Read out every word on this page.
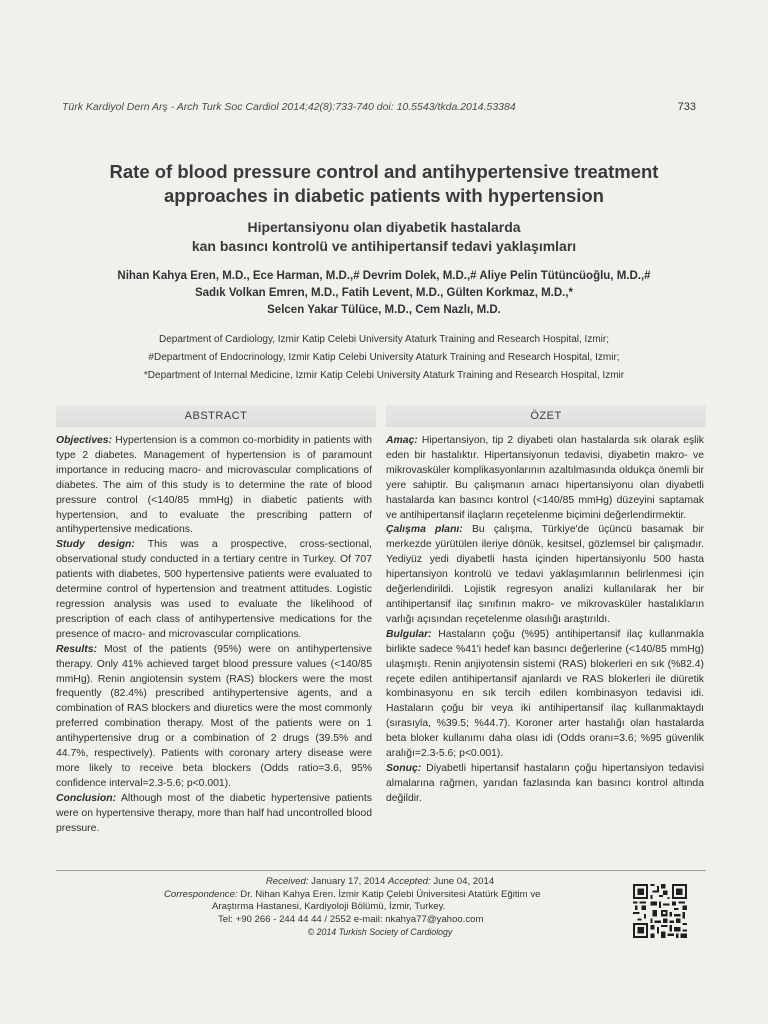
Türk Kardiyol Dern Arş - Arch Turk Soc Cardiol 2014;42(8):733-740 doi: 10.5543/tkda.2014.53384	733
Rate of blood pressure control and antihypertensive treatment
approaches in diabetic patients with hypertension
Hipertansiyonu olan diyabetik hastalarda
kan basıncı kontrolü ve antihipertansif tedavi yaklaşımları
Nihan Kahya Eren, M.D., Ece Harman, M.D.,# Devrim Dolek, M.D.,# Aliye Pelin Tütüncüoğlu, M.D.,#
Sadık Volkan Emren, M.D., Fatih Levent, M.D., Gülten Korkmaz, M.D.,*
Selcen Yakar Tülüce, M.D., Cem Nazlı, M.D.
Department of Cardiology, Izmir Katip Celebi University Ataturk Training and Research Hospital, Izmir;
#Department of Endocrinology, Izmir Katip Celebi University Ataturk Training and Research Hospital, Izmir;
*Department of Internal Medicine, Izmir Katip Celebi University Ataturk Training and Research Hospital, Izmir
ABSTRACT	ÖZET

Objectives: Hypertension is a common co-morbidity in patients with type 2 diabetes. Management of hypertension is of paramount importance in reducing macro- and microvascular complications of diabetes. The aim of this study is to determine the rate of blood pressure control (<140/85 mmHg) in diabetic patients with hypertension, and to evaluate the prescribing pattern of antihypertensive medications.

Study design: This was a prospective, cross-sectional, observational study conducted in a tertiary centre in Turkey. Of 707 patients with diabetes, 500 hypertensive patients were evaluated to determine control of hypertension and treatment attitudes. Logistic regression analysis was used to evaluate the likelihood of prescription of each class of antihypertensive medications for the presence of macro- and microvascular complications.

Results: Most of the patients (95%) were on antihypertensive therapy. Only 41% achieved target blood pressure values (<140/85 mmHg). Renin angiotensin system (RAS) blockers were the most frequently (82.4%) prescribed antihypertensive agents, and a combination of RAS blockers and diuretics were the most commonly preferred combination therapy. Most of the patients were on 1 antihypertensive drug or a combination of 2 drugs (39.5% and 44.7%, respectively). Patients with coronary artery disease were more likely to receive beta blockers (Odds ratio=3.6, 95% confidence interval=2.3-5.6; p<0.001).

Conclusion: Although most of the diabetic hypertensive patients were on hypertensive therapy, more than half had uncontrolled blood pressure.

Amaç: Hipertansiyon, tip 2 diyabeti olan hastalarda sık olarak eşlik eden bir hastalıktır. Hipertansiyonun tedavisi, diyabetin makro- ve mikrovasküler komplikasyonlarının azaltılmasında oldukça önemli bir yere sahiptir. Bu çalışmanın amacı hipertansiyonu olan diyabetli hastalarda kan basıncı kontrol (<140/85 mmHg) düzeyini saptamak ve antihipertansif ilaçların reçetelenme biçimini değerlendirmektir.

Çalışma planı: Bu çalışma, Türkiye'de üçüncü basamak bir merkezde yürütülen ileriye dönük, kesitsel, gözlemsel bir çalışmadır. Yediyüz yedi diyabetli hasta içinden hipertansiyonlu 500 hasta hipertansiyon kontrolü ve tedavi yaklaşımlarının belirlenmesi için değerlendirildi. Lojistik regresyon analizi kullanılarak her bir antihipertansif ilaç sınıfının makro- ve mikrovasküler hastalıkların varlığı açısından reçetelenme olasılığı araştırıldı.

Bulgular: Hastaların çoğu (%95) antihipertansif ilaç kullanmakla birlikte sadece %41'i hedef kan basıncı değerlerine (<140/85 mmHg) ulaşmıştı. Renin anjiyotensin sistemi (RAS) blokerleri en sık (%82.4) reçete edilen antihipertansif ajanlardı ve RAS blokerleri ile diüretik kombinasyonu en sık tercih edilen kombinasyon tedavisi idi. Hastaların çoğu bir veya iki antihipertansif ilaç kullanmaktaydı (sırasıyla, %39.5; %44.7). Koroner arter hastalığı olan hastalarda beta bloker kullanımı daha olası idi (Odds oranı=3.6; %95 güvenlik aralığı=2.3-5.6; p<0.001).

Sonuç: Diyabetli hipertansif hastaların çoğu hipertansiyon tedavisi almalarına rağmen, yarıdan fazlasında kan basıncı kontrol altında değildir.

Received: January 17, 2014 Accepted: June 04, 2014
Correspondence: Dr. Nihan Kahya Eren. İzmir Katip Çelebi Üniversitesi Atatürk Eğitim ve
Araştırma Hastanesi, Kardiyoloji Bölümü, İzmir, Turkey.
Tel: +90 266 - 244 44 44 / 2552 e-mail: nkahya77@yahoo.com
© 2014 Turkish Society of Cardiology
